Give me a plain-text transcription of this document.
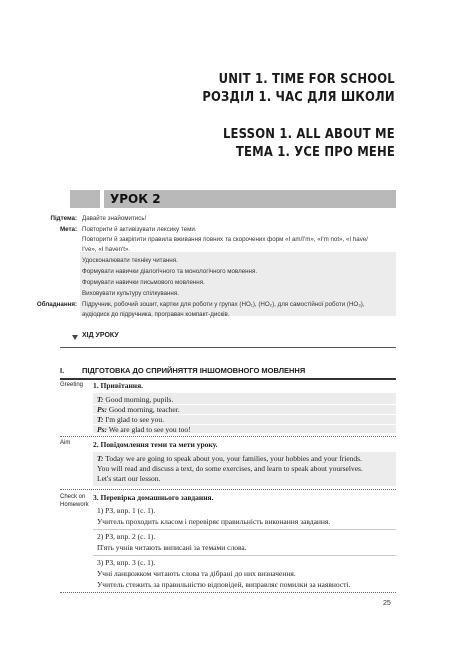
UNIT 1. TIME FOR SCHOOL
РОЗДІЛ 1. ЧАС ДЛЯ ШКОЛИ
LESSON 1. ALL ABOUT ME
ТЕМА 1. УСЕ ПРО МЕНЕ
УРОК 2
Підтема: Давайте знайомитись!
Мета: Повторити й активізувати лексику теми.
Повторити й закріпити правила вживання повних та скорочених форм «I am/I'm», «I'm not», «I have/
I've», «I haven't».
Удосконалювати техніку читання.
Формувати навички діалогічного та монологічного мовлення.
Формувати навички письмового мовлення.
Виховувати культуру спілкування.
Обладнання: Підручник, робочий зошит, картки для роботи у групах (НО₁), (НО₂), для самостійної роботи (НО₃),
аудіодиск до підручника, програвач компакт-дисків.
ХІД УРОКУ
I. ПІДГОТОВКА ДО СПРИЙНЯТТЯ ІНШОМОВНОГО МОВЛЕННЯ
Greeting
Aim
Check on
Homework
1. Привітання.
T: Good morning, pupils.
Ps: Good morning, teacher.
T: I'm glad to see you.
Ps: We are glad to see you too!
2. Повідомлення теми та мети уроку.
T: Today we are going to speak about you, your families, your hobbies and your friends.
You will read and discuss a text, do some exercises, and learn to speak about yourselves.
Let's start our lesson.
3. Перевірка домашнього завдання.
1) РЗ, впр. 1 (с. 1).
Учитель проходить класом і перевіряє правильність виконання завдання.
2) РЗ, впр. 2 (с. 1).
П'ять учнів читають виписані за темами слова.
3) РЗ, впр. 3 (с. 1).
Учні ланцюжком читають слова та дібрані до них визначення.
Учитель стежить за правильністю відповідей, виправляє помилки за наявності.
25
